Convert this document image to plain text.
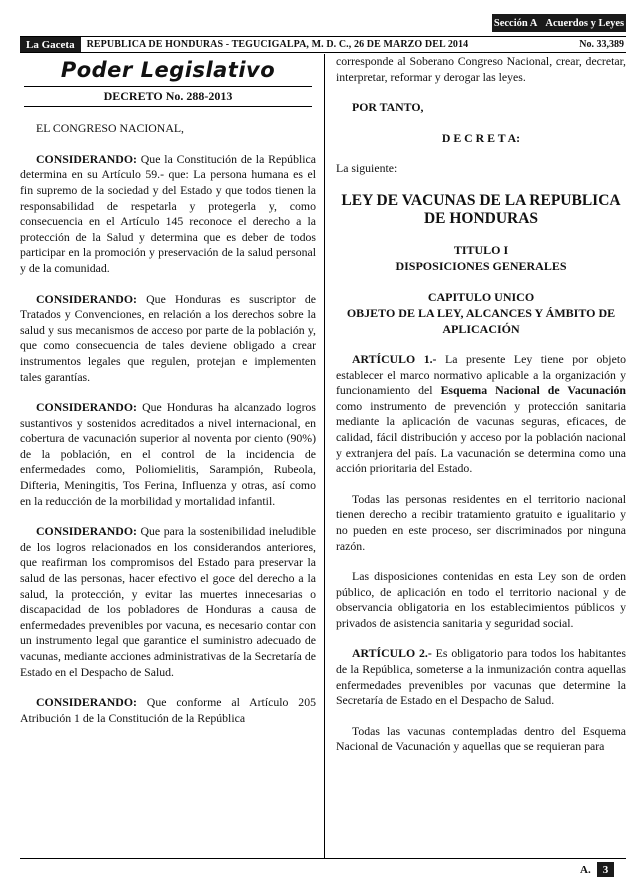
Sección A Acuerdos y Leyes
La Gaceta	REPUBLICA DE HONDURAS - TEGUCIGALPA, M. D. C., 26 DE MARZO DEL 2014	No. 33,389
Poder Legislativo
DECRETO No. 288-2013

EL CONGRESO NACIONAL,

CONSIDERANDO: Que la Constitución de la República determina en su Artículo 59.- que: La persona humana es el fin supremo de la sociedad y del Estado y que todos tienen la responsabilidad de respetarla y protegerla y, como consecuencia en el Artículo 145 reconoce el derecho a la protección de la Salud y determina que es deber de todos participar en la promoción y preservación de la salud personal y de la comunidad.

CONSIDERANDO: Que Honduras es suscriptor de Tratados y Convenciones, en relación a los derechos sobre la salud y sus mecanismos de acceso por parte de la población y, que como consecuencia de tales deviene obligado a crear instrumentos legales que regulen, protejan e implementen tales garantías.

CONSIDERANDO: Que Honduras ha alcanzado logros sustantivos y sostenidos acreditados a nivel internacional, en cobertura de vacunación superior al noventa por ciento (90%) de la población, en el control de la incidencia de enfermedades como, Poliomielitis, Sarampión, Rubeola, Difteria, Meningitis, Tos Ferina, Influenza y otras, así como en la reducción de la morbilidad y mortalidad infantil.

CONSIDERANDO: Que para la sostenibilidad ineludible de los logros relacionados en los considerandos anteriores, que reafirman los compromisos del Estado para preservar la salud de las personas, hacer efectivo el goce del derecho a la salud, la protección, y evitar las muertes innecesarias o discapacidad de los pobladores de Honduras a causa de enfermedades prevenibles por vacuna, es necesario contar con un instrumento legal que garantice el suministro adecuado de vacunas, mediante acciones administrativas de la Secretaría de Estado en el Despacho de Salud.

CONSIDERANDO: Que conforme al Artículo 205 Atribución 1 de la Constitución de la República

corresponde al Soberano Congreso Nacional, crear, decretar, interpretar, reformar y derogar las leyes.

POR TANTO,

D E C R E T A:

La siguiente:

LEY DE VACUNAS DE LA REPUBLICA
DE HONDURAS
TITULO I
DISPOSICIONES GENERALES
CAPITULO UNICO
OBJETO DE LA LEY, ALCANCES Y ÁMBITO DE APLICACIÓN

ARTÍCULO 1.- La presente Ley tiene por objeto establecer el marco normativo aplicable a la organización y funcionamiento del Esquema Nacional de Vacunación como instrumento de prevención y protección sanitaria mediante la aplicación de vacunas seguras, eficaces, de calidad, fácil distribución y acceso por la población nacional y extranjera del país. La vacunación se determina como una acción prioritaria del Estado.

Todas las personas residentes en el territorio nacional tienen derecho a recibir tratamiento gratuito e igualitario y no pueden en este proceso, ser discriminados por ninguna razón.

Las disposiciones contenidas en esta Ley son de orden público, de aplicación en todo el territorio nacional y de observancia obligatoria en los establecimientos públicos y privados de asistencia sanitaria y seguridad social.

ARTÍCULO 2.- Es obligatorio para todos los habitantes de la República, someterse a la inmunización contra aquellas enfermedades prevenibles por vacunas que determine la Secretaría de Estado en el Despacho de Salud.

Todas las vacunas contempladas dentro del Esquema Nacional de Vacunación y aquellas que se requieran para

A.	3
